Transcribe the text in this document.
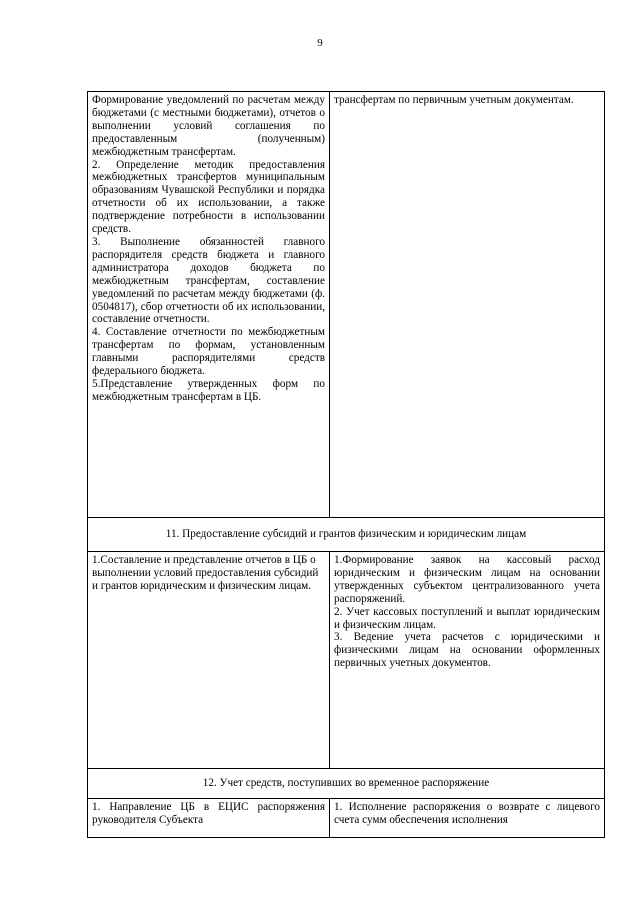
9

Формирование уведомлений по расчетам между бюджетами (с местными бюджетами), отчетов о выполнении условий соглашения по предоставленным (полученным) межбюджетным трансфертам.

2. Определение методик предоставления межбюджетных трансфертов муниципальным образованиям Чувашской Республики и порядка отчетности об их использовании, а также подтверждение потребности в использовании средств.

3. Выполнение обязанностей главного распорядителя средств бюджета и главного администратора доходов бюджета по межбюджетным трансфертам, составление уведомлений по расчетам между бюджетами (ф. 0504817), сбор отчетности об их использовании, составление отчетности.

4. Составление отчетности по межбюджетным трансфертам по формам, установленным главными распорядителями средств федерального бюджета.

5.Представление утвержденных форм по межбюджетным трансфертам в ЦБ.	трансфертам по первичным учетным документам.

11. Предоставление субсидий и грантов физическим и юридическим лицам	

1.Составление и представление отчетов в ЦБ о выполнении условий предоставления субсидий и грантов юридическим и физическим лицам.	1.Формирование заявок на кассовый расход юридическим и физическим лицам на основании утвержденных субъектом централизованного учета распоряжений.

2. Учет кассовых поступлений и выплат юридическим и физическим лицам.

3. Ведение учета расчетов с юридическими и физическими лицам на основании оформленных первичных учетных документов.

12. Учет средств, поступивших во временное распоряжение	

1. Направление ЦБ в ЕЦИС распоряжения руководителя Субъекта	1. Исполнение распоряжения о возврате с лицевого счета сумм обеспечения исполнения
